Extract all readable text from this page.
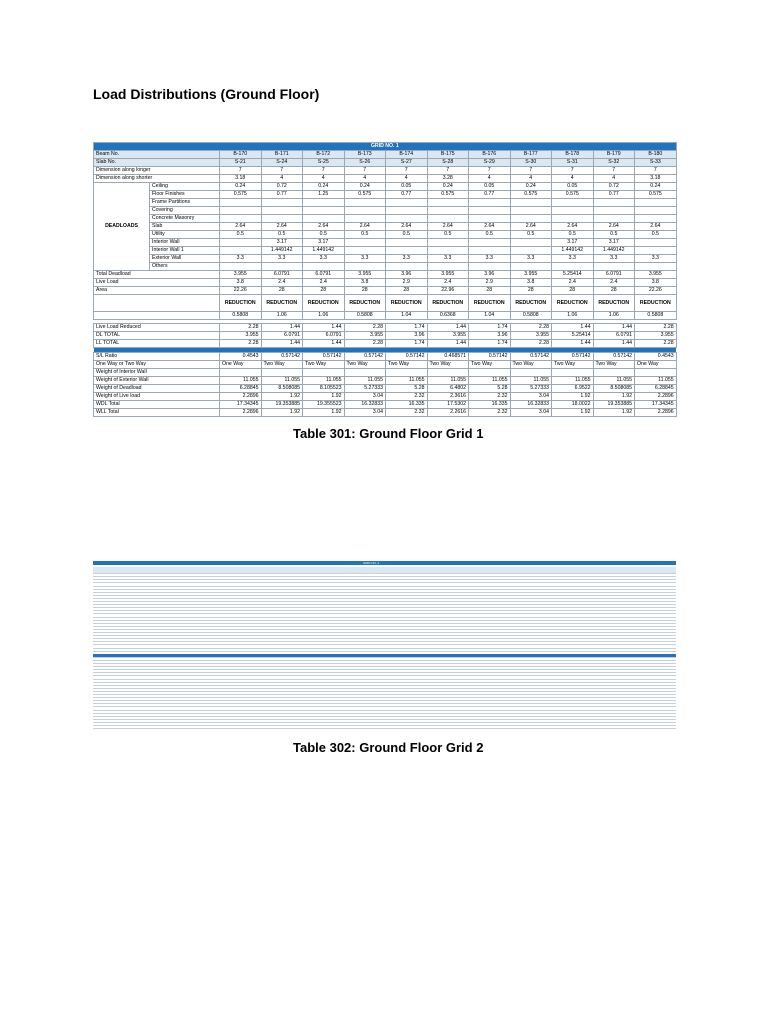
Load Distributions (Ground Floor)
GRID NO. 1												
Beam No.		B-170	B-171	B-172	B-173	B-174	B-175	B-176	B-177	B-178	B-179	B-180
Slab No.		S-21	S-24	S-25	S-26	S-27	S-28	S-29	S-30	S-31	S-32	S-33
Dimension along longer		7	7	7	7	7	7	7	7	7	7	7
Dimension along shorter		3.18	4	4	4	4	3.28	4	4	4	4	3.18
DEADLOADS	Ceiling	0.24	0.72	0.24	0.24	0.05	0.24	0.05	0.24	0.05	0.72	0.24
	Floor Finishes	0.575	0.77	1.25	0.575	0.77	0.575	0.77	0.575	0.575	0.77	0.575
	Frame Partitions											
	Covering											
	Concrete Masonry											
	Slab	2.64	2.64	2.64	2.64	2.64	2.64	2.64	2.64	2.64	2.64	2.64
	Utility	0.5	0.5	0.5	0.5	0.5	0.5	0.5	0.5	0.5	0.5	0.5
	Interior Wall		3.17	3.17						3.17	3.17	
	Interior Wall 1		1.449142	1.449142						1.449142	1.449142	
	Exterior Wall	3.3	3.3	3.3	3.3	3.3	3.3	3.3	3.3	3.3	3.3	3.3
	Others											
Total Deadload		3.955	6.0791	6.0791	3.955	3.96	3.955	3.96	3.955	5.25414	6.0791	3.955
Live Load		3.8	2.4	2.4	3.8	2.9	2.4	2.9	3.8	2.4	2.4	3.8
Area		22.26	28	28	28	28	22.96	28	28	28	28	22.26
		REDUCTION	REDUCTION	REDUCTION	REDUCTION	REDUCTION	REDUCTION	REDUCTION	REDUCTION	REDUCTION	REDUCTION	REDUCTION
		0.5808	1.06	1.06	0.5808	1.04	0.6368	1.04	0.5808	1.06	1.06	0.5808

Live Load Reduced		2.28	1.44	1.44	2.28	1.74	1.44	1.74	2.28	1.44	1.44	2.28
DL TOTAL		3.955	6.0791	6.0791	3.955	3.96	3.955	3.96	3.955	5.25414	6.0791	3.955
LL TOTAL		2.28	1.44	1.44	2.28	1.74	1.44	1.74	2.28	1.44	1.44	2.28

S/L Ratio		0.4543	0.57142	0.57142	0.57142	0.57142	0.468571	0.57142	0.57142	0.57142	0.57142	0.4543
One Way or Two Way		One Way	Two Way	Two Way	Two Way	Two Way	Two Way	Two Way	Two Way	Two Way	Two Way	One Way
Weight of Interior Wall												
Weight of Exterior Wall		11.055	11.055	11.055	11.055	11.055	11.055	11.055	11.055	11.055	11.055	11.055
Weight of Deadload		6.28845	8.508085	8.105523	5.27333	5.28	6.4802	5.28	5.27333	6.9522	8.508085	6.28845
Weight of Live load		2.2896	1.92	1.92	3.04	2.32	2.3616	2.32	3.04	1.92	1.92	2.2896
WDL Total		17.34345	19.353885	19.355523	16.32833	16.335	17.5302	16.335	16.32833	18.0022	19.353885	17.34345
WLL Total		2.2896	1.92	1.92	3.04	2.32	2.2616	2.32	3.04	1.92	1.92	2.2896

Table 301: Ground Floor Grid 1

GRID NO. 2

Table 302: Ground Floor Grid 2
